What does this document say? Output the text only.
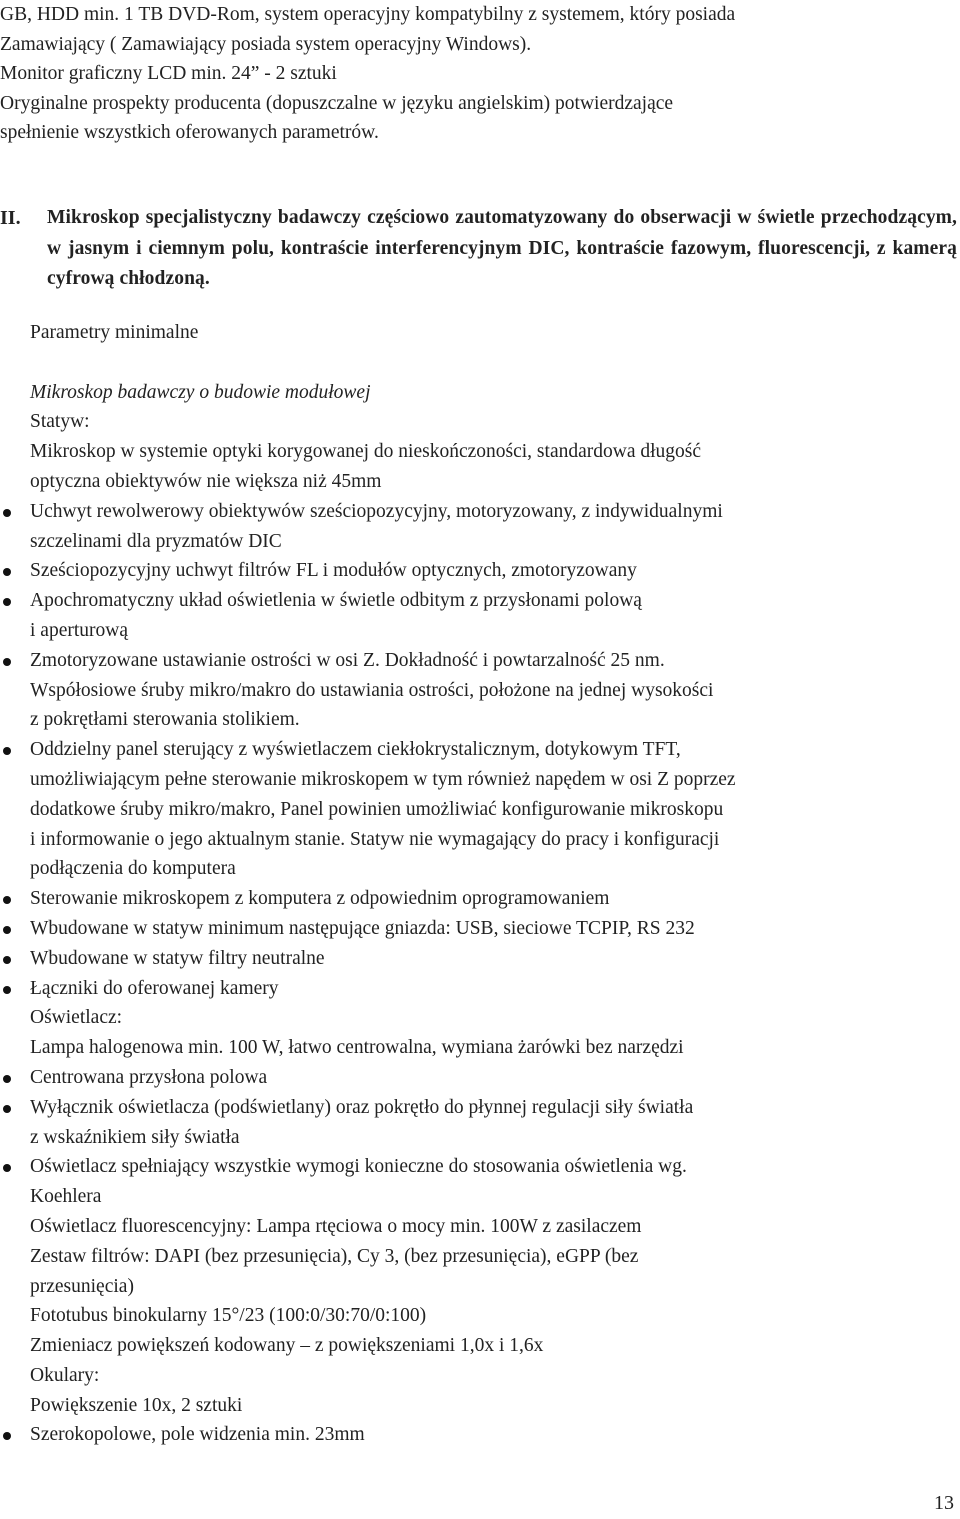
GB, HDD min. 1 TB DVD-Rom, system operacyjny kompatybilny z systemem, który posiada

Zamawiający ( Zamawiający posiada system operacyjny Windows).

Monitor graficzny LCD min. 24” - 2 sztuki

Oryginalne prospekty producenta (dopuszczalne w języku angielskim) potwierdzające

spełnienie wszystkich oferowanych parametrów.

II. Mikroskop specjalistyczny badawczy częściowo zautomatyzowany do obserwacji w świetle przechodzącym, w jasnym i ciemnym polu, kontraście interferencyjnym DIC, kontraście fazowym, fluorescencji, z kamerą cyfrową chłodzoną.
Parametry minimalne
Mikroskop badawczy o budowie modułowej
Statyw:
Mikroskop w systemie optyki korygowanej do nieskończoności, standardowa długość
optyczna obiektywów nie większa niż 45mm
Uchwyt rewolwerowy obiektywów sześciopozycyjny, motoryzowany, z indywidualnymi
szczelinami dla pryzmatów DIC
Sześciopozycyjny uchwyt filtrów FL i modułów optycznych, zmotoryzowany
Apochromatyczny układ oświetlenia w świetle odbitym z przysłonami polową
i aperturową
Zmotoryzowane ustawianie ostrości w osi Z. Dokładność i powtarzalność 25 nm.
Współosiowe śruby mikro/makro do ustawiania ostrości, położone na jednej wysokości
z pokrętłami sterowania stolikiem.
Oddzielny panel sterujący z wyświetlaczem ciekłokrystalicznym, dotykowym TFT,
umożliwiającym pełne sterowanie mikroskopem w tym również napędem w osi Z poprzez
dodatkowe śruby mikro/makro, Panel powinien umożliwiać konfigurowanie mikroskopu
i informowanie o jego aktualnym stanie. Statyw nie wymagający do pracy i konfiguracji
podłączenia do komputera
Sterowanie mikroskopem z komputera z odpowiednim oprogramowaniem
Wbudowane w statyw minimum następujące gniazda: USB, sieciowe TCPIP, RS 232
Wbudowane w statyw filtry neutralne
Łączniki do oferowanej kamery
Oświetlacz:
Lampa halogenowa min. 100 W, łatwo centrowalna, wymiana żarówki bez narzędzi
Centrowana przysłona polowa
Wyłącznik oświetlacza (podświetlany) oraz pokrętło do płynnej regulacji siły światła
z wskaźnikiem siły światła
Oświetlacz spełniający wszystkie wymogi konieczne do stosowania oświetlenia wg.
Koehlera
Oświetlacz fluorescencyjny: Lampa rtęciowa o mocy min. 100W z zasilaczem
Zestaw filtrów: DAPI (bez przesunięcia), Cy 3, (bez przesunięcia), eGPP (bez
przesunięcia)
Fototubus binokularny 15°/23 (100:0/30:70/0:100)
Zmieniacz powiększeń kodowany – z powiększeniami 1,0x i 1,6x
Okulary:
Powiększenie 10x, 2 sztuki
Szerokopolowe, pole widzenia min. 23mm
13
